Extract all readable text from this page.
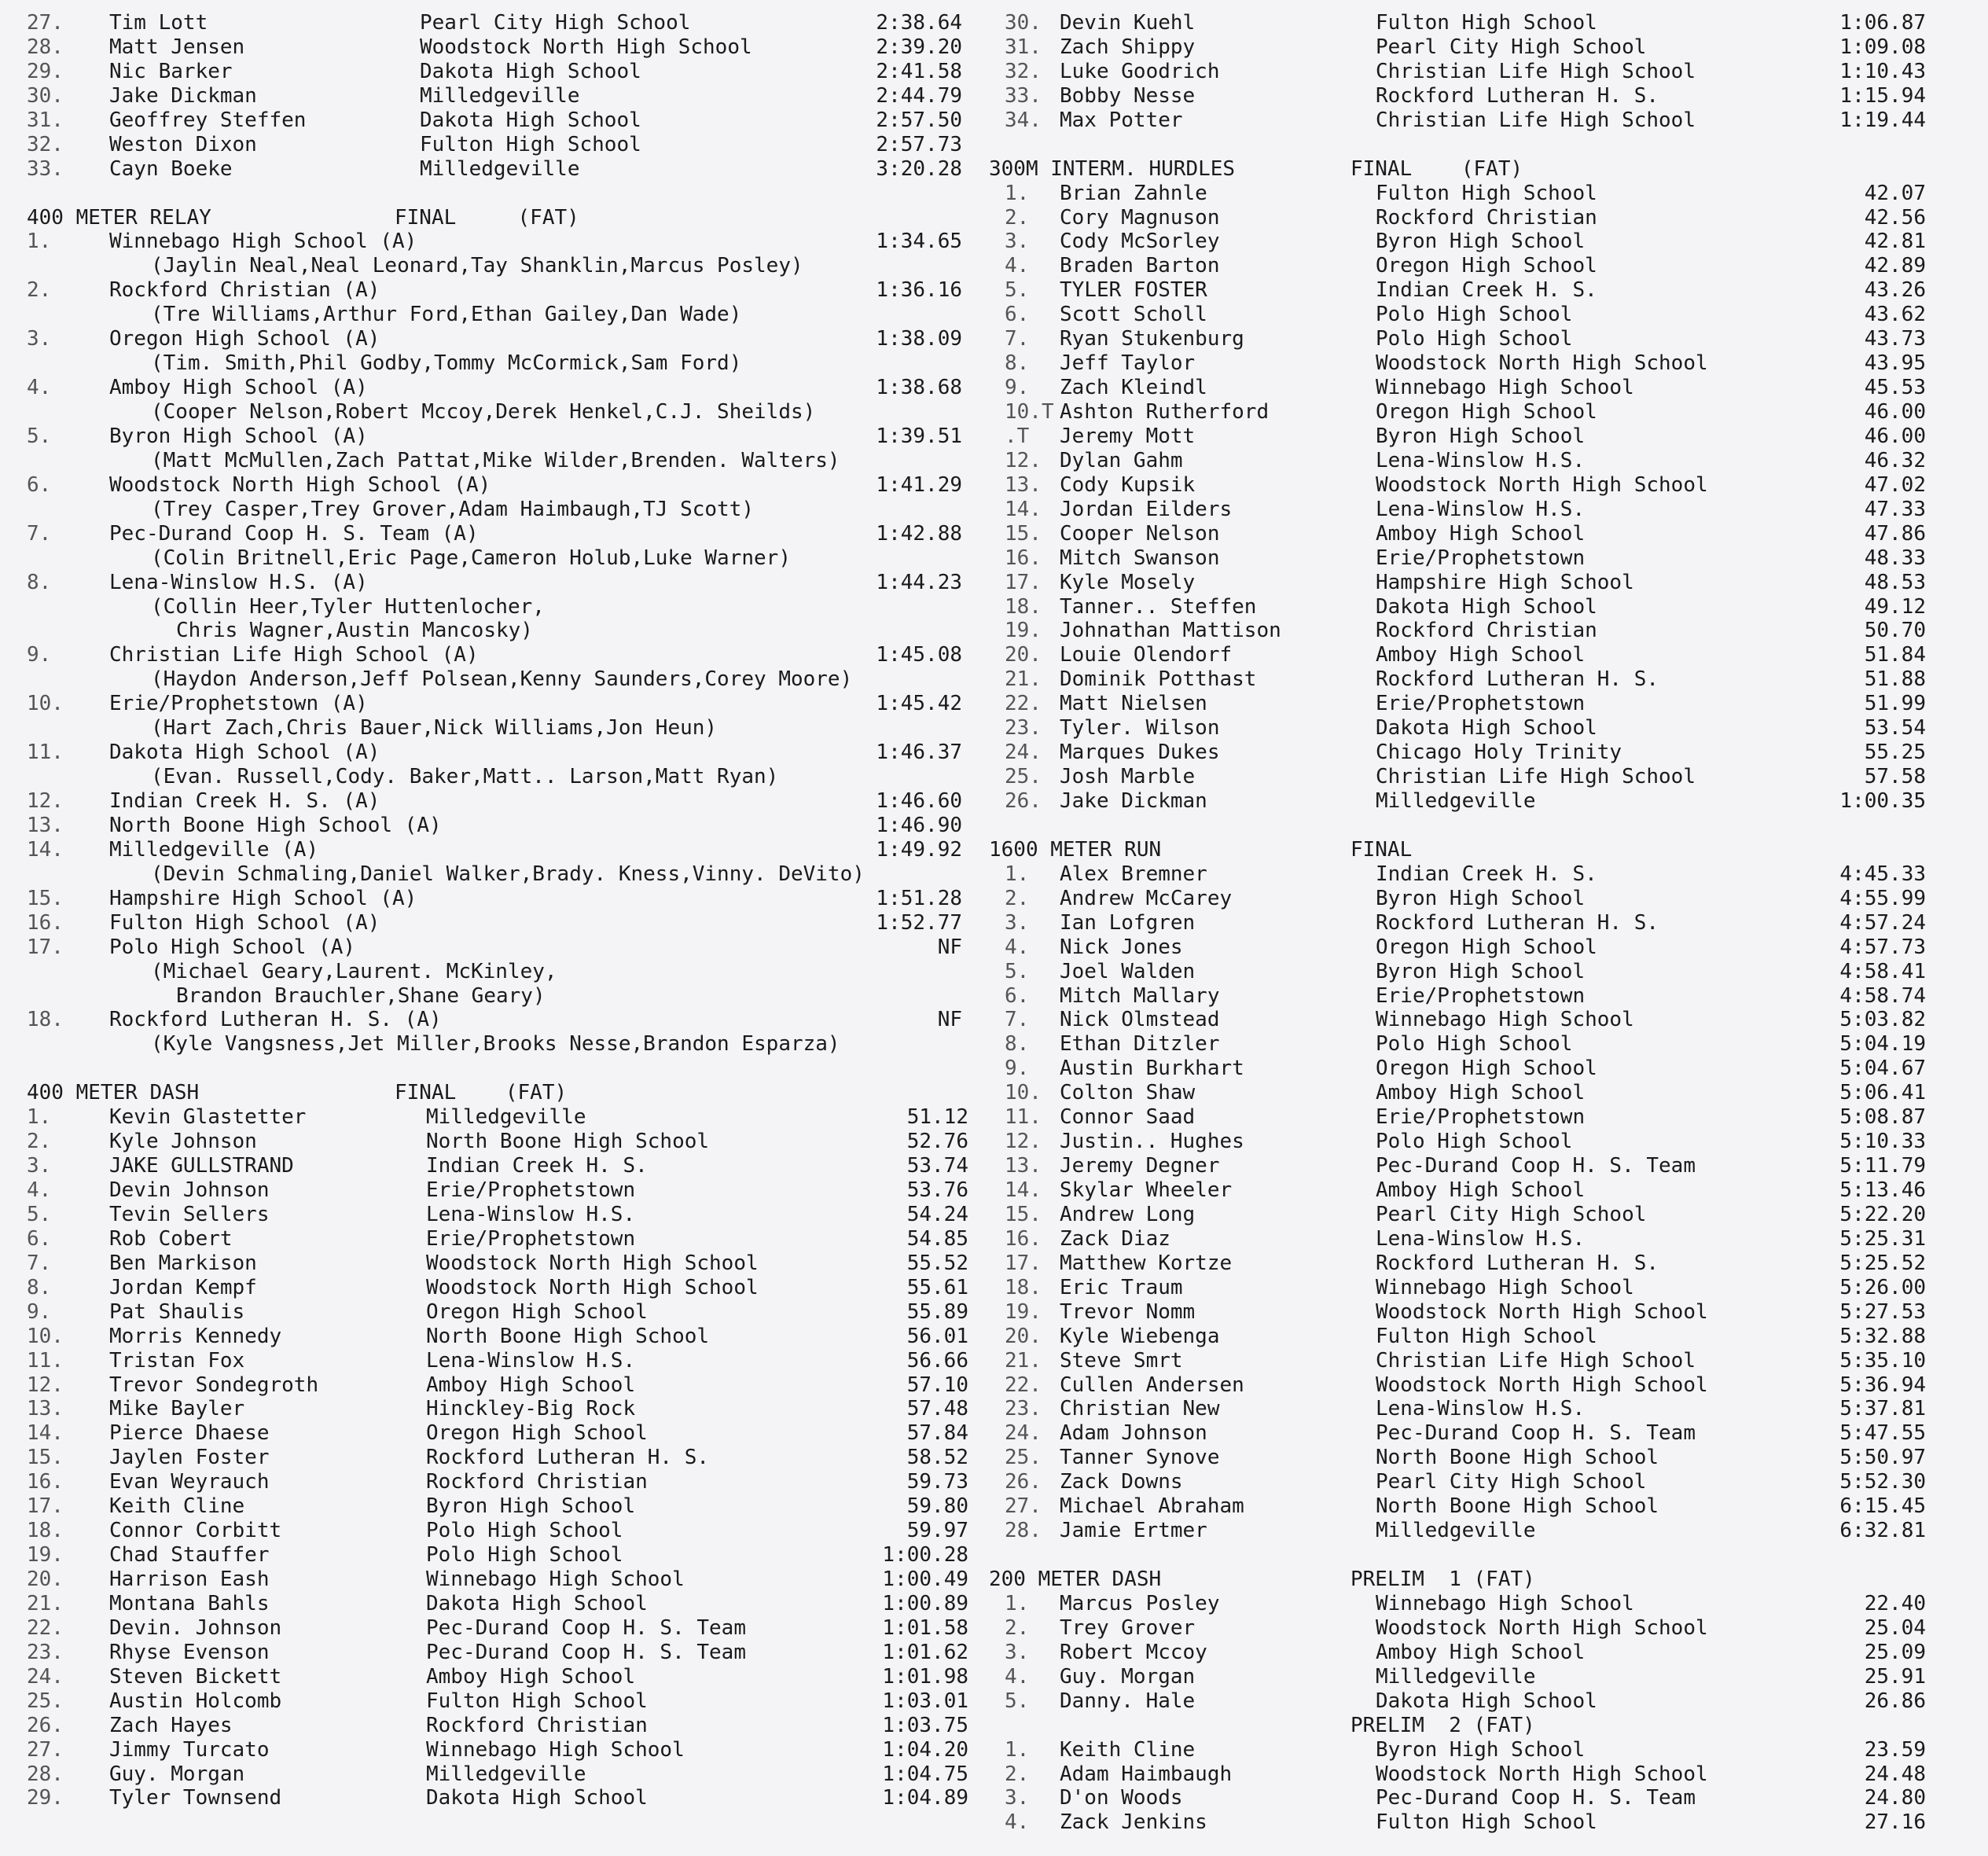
27. Tim Lott	Pearl City High School	2:38.64
28. Matt Jensen	Woodstock North High School	2:39.20
29. Nic Barker	Dakota High School	2:41.58
30. Jake Dickman	Milledgeville	2:44.79
31. Geoffrey Steffen	Dakota High School	2:57.50
32. Weston Dixon	Fulton High School	2:57.73
33. Cayn Boeke	Milledgeville	3:20.28
400 METER RELAY	FINAL     (FAT)
1.	Winnebago High School (A)	1:34.65
(Jaylin Neal,Neal Leonard,Tay Shanklin,Marcus Posley)
2.	Rockford Christian (A)	1:36.16
(Tre Williams,Arthur Ford,Ethan Gailey,Dan Wade)
3.	Oregon High School (A)	1:38.09
(Tim. Smith,Phil Godby,Tommy McCormick,Sam Ford)
4.	Amboy High School (A)	1:38.68
(Cooper Nelson,Robert Mccoy,Derek Henkel,C.J. Sheilds)
5.	Byron High School (A)	1:39.51
(Matt McMullen,Zach Pattat,Mike Wilder,Brenden. Walters)
6.	Woodstock North High School (A)	1:41.29
(Trey Casper,Trey Grover,Adam Haimbaugh,TJ Scott)
7.	Pec-Durand Coop H. S. Team (A)	1:42.88
(Colin Britnell,Eric Page,Cameron Holub,Luke Warner)
8.	Lena-Winslow H.S. (A)	1:44.23
(Collin Heer,Tyler Huttenlocher,
Chris Wagner,Austin Mancosky)
9.	Christian Life High School (A)	1:45.08
(Haydon Anderson,Jeff Polsean,Kenny Saunders,Corey Moore)
10. Erie/Prophetstown (A)	1:45.42
(Hart Zach,Chris Bauer,Nick Williams,Jon Heun)
11. Dakota High School (A)	1:46.37
(Evan. Russell,Cody. Baker,Matt.. Larson,Matt Ryan)
12. Indian Creek H. S. (A)	1:46.60
13. North Boone High School (A)	1:46.90
14. Milledgeville (A)	1:49.92
(Devin Schmaling,Daniel Walker,Brady. Kness,Vinny. DeVito)
15. Hampshire High School (A)	1:51.28
16. Fulton High School (A)	1:52.77
17. Polo High School (A)	NF
(Michael Geary,Laurent. McKinley,
Brandon Brauchler,Shane Geary)
18. Rockford Lutheran H. S. (A)	NF
(Kyle Vangsness,Jet Miller,Brooks Nesse,Brandon Esparza)
400 METER DASH	FINAL    (FAT)
1.	Kevin Glastetter	Milledgeville	51.12
2.	Kyle Johnson	North Boone High School	52.76
3.	JAKE GULLSTRAND	Indian Creek H. S.	53.74
4.	Devin Johnson	Erie/Prophetstown	53.76
5.	Tevin Sellers	Lena-Winslow H.S.	54.24
6.	Rob Cobert	Erie/Prophetstown	54.85
7.	Ben Markison	Woodstock North High School	55.52
8.	Jordan Kempf	Woodstock North High School	55.61
9.	Pat Shaulis	Oregon High School	55.89
10. Morris Kennedy	North Boone High School	56.01
11. Tristan Fox	Lena-Winslow H.S.	56.66
12. Trevor Sondegroth	Amboy High School	57.10
13. Mike Bayler	Hinckley-Big Rock	57.48
14. Pierce Dhaese	Oregon High School	57.84
15. Jaylen Foster	Rockford Lutheran H. S.	58.52
16. Evan Weyrauch	Rockford Christian	59.73
17. Keith Cline	Byron High School	59.80
18. Connor Corbitt	Polo High School	59.97
19. Chad Stauffer	Polo High School	1:00.28
20. Harrison Eash	Winnebago High School	1:00.49
21. Montana Bahls	Dakota High School	1:00.89
22. Devin. Johnson	Pec-Durand Coop H. S. Team	1:01.58
23. Rhyse Evenson	Pec-Durand Coop H. S. Team	1:01.62
24. Steven Bickett	Amboy High School	1:01.98
25. Austin Holcomb	Fulton High School	1:03.01
26. Zach Hayes	Rockford Christian	1:03.75
27. Jimmy Turcato	Winnebago High School	1:04.20
28. Guy. Morgan	Milledgeville	1:04.75
29. Tyler Townsend	Dakota High School	1:04.89
30. Devin Kuehl	Fulton High School	1:06.87
31. Zach Shippy	Pearl City High School	1:09.08
32. Luke Goodrich	Christian Life High School	1:10.43
33. Bobby Nesse	Rockford Lutheran H. S.	1:15.94
34. Max Potter	Christian Life High School	1:19.44
300M INTERM. HURDLES	FINAL    (FAT)
1. Brian Zahnle	Fulton High School	42.07
2. Cory Magnuson	Rockford Christian	42.56
3. Cody McSorley	Byron High School	42.81
4. Braden Barton	Oregon High School	42.89
5. TYLER FOSTER	Indian Creek H. S.	43.26
6. Scott Scholl	Polo High School	43.62
7. Ryan Stukenburg	Polo High School	43.73
8. Jeff Taylor	Woodstock North High School	43.95
9. Zach Kleindl	Winnebago High School	45.53
10.T Ashton Rutherford	Oregon High School	46.00
.T Jeremy Mott	Byron High School	46.00
12. Dylan Gahm	Lena-Winslow H.S.	46.32
13. Cody Kupsik	Woodstock North High School	47.02
14. Jordan Eilders	Lena-Winslow H.S.	47.33
15. Cooper Nelson	Amboy High School	47.86
16. Mitch Swanson	Erie/Prophetstown	48.33
17. Kyle Mosely	Hampshire High School	48.53
18. Tanner.. Steffen	Dakota High School	49.12
19. Johnathan Mattison	Rockford Christian	50.70
20. Louie Olendorf	Amboy High School	51.84
21. Dominik Potthast	Rockford Lutheran H. S.	51.88
22. Matt Nielsen	Erie/Prophetstown	51.99
23. Tyler. Wilson	Dakota High School	53.54
24. Marques Dukes	Chicago Holy Trinity	55.25
25. Josh Marble	Christian Life High School	57.58
26. Jake Dickman	Milledgeville	1:00.35
1600 METER RUN	FINAL
1. Alex Bremner	Indian Creek H. S.	4:45.33
2. Andrew McCarey	Byron High School	4:55.99
3. Ian Lofgren	Rockford Lutheran H. S.	4:57.24
4. Nick Jones	Oregon High School	4:57.73
5. Joel Walden	Byron High School	4:58.41
6. Mitch Mallary	Erie/Prophetstown	4:58.74
7. Nick Olmstead	Winnebago High School	5:03.82
8. Ethan Ditzler	Polo High School	5:04.19
9. Austin Burkhart	Oregon High School	5:04.67
10. Colton Shaw	Amboy High School	5:06.41
11. Connor Saad	Erie/Prophetstown	5:08.87
12. Justin.. Hughes	Polo High School	5:10.33
13. Jeremy Degner	Pec-Durand Coop H. S. Team	5:11.79
14. Skylar Wheeler	Amboy High School	5:13.46
15. Andrew Long	Pearl City High School	5:22.20
16. Zack Diaz	Lena-Winslow H.S.	5:25.31
17. Matthew Kortze	Rockford Lutheran H. S.	5:25.52
18. Eric Traum	Winnebago High School	5:26.00
19. Trevor Nomm	Woodstock North High School	5:27.53
20. Kyle Wiebenga	Fulton High School	5:32.88
21. Steve Smrt	Christian Life High School	5:35.10
22. Cullen Andersen	Woodstock North High School	5:36.94
23. Christian New	Lena-Winslow H.S.	5:37.81
24. Adam Johnson	Pec-Durand Coop H. S. Team	5:47.55
25. Tanner Synove	North Boone High School	5:50.97
26. Zack Downs	Pearl City High School	5:52.30
27. Michael Abraham	North Boone High School	6:15.45
28. Jamie Ertmer	Milledgeville	6:32.81
200 METER DASH	PRELIM  1 (FAT)
1. Marcus Posley	Winnebago High School	22.40
2. Trey Grover	Woodstock North High School	25.04
3. Robert Mccoy	Amboy High School	25.09
4. Guy. Morgan	Milledgeville	25.91
5. Danny. Hale	Dakota High School	26.86
PRELIM  2 (FAT)
1. Keith Cline	Byron High School	23.59
2. Adam Haimbaugh	Woodstock North High School	24.48
3. D'on Woods	Pec-Durand Coop H. S. Team	24.80
4. Zack Jenkins	Fulton High School	27.16
